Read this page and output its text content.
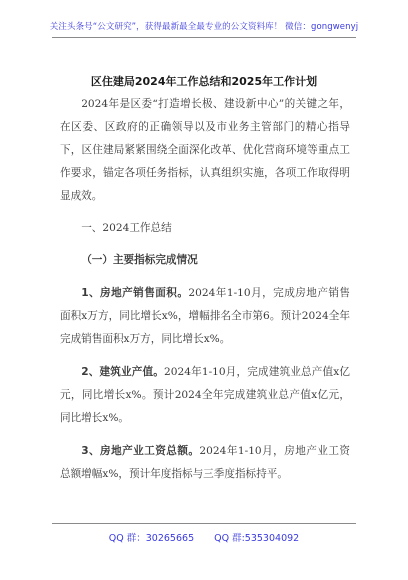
关注头条号“公文研究”，获得最新最全最专业的公文资料库！ 微信：gongwenyj
区住建局2024年工作总结和2025年工作计划

2024年是区委“打造增长极、建设新中心”的关键之年，在区委、区政府的正确领导以及市业务主管部门的精心指导下，区住建局紧紧围绕全面深化改革、优化营商环境等重点工作要求，锚定各项任务指标，认真组织实施，各项工作取得明显成效。

一、2024工作总结

（一）主要指标完成情况

1、房地产销售面积。2024年1-10月，完成房地产销售面积x万方，同比增长x%，增幅排名全市第6。预计2024全年完成销售面积x万方，同比增长x%。

2、建筑业产值。2024年1-10月，完成建筑业总产值x亿元，同比增长x%。预计2024全年完成建筑业总产值x亿元，同比增长x%。

3、房地产业工资总额。2024年1-10月，房地产业工资总额增幅x%，预计年度指标与三季度指标持平。

QQ 群：30265665 QQ 群:535304092
